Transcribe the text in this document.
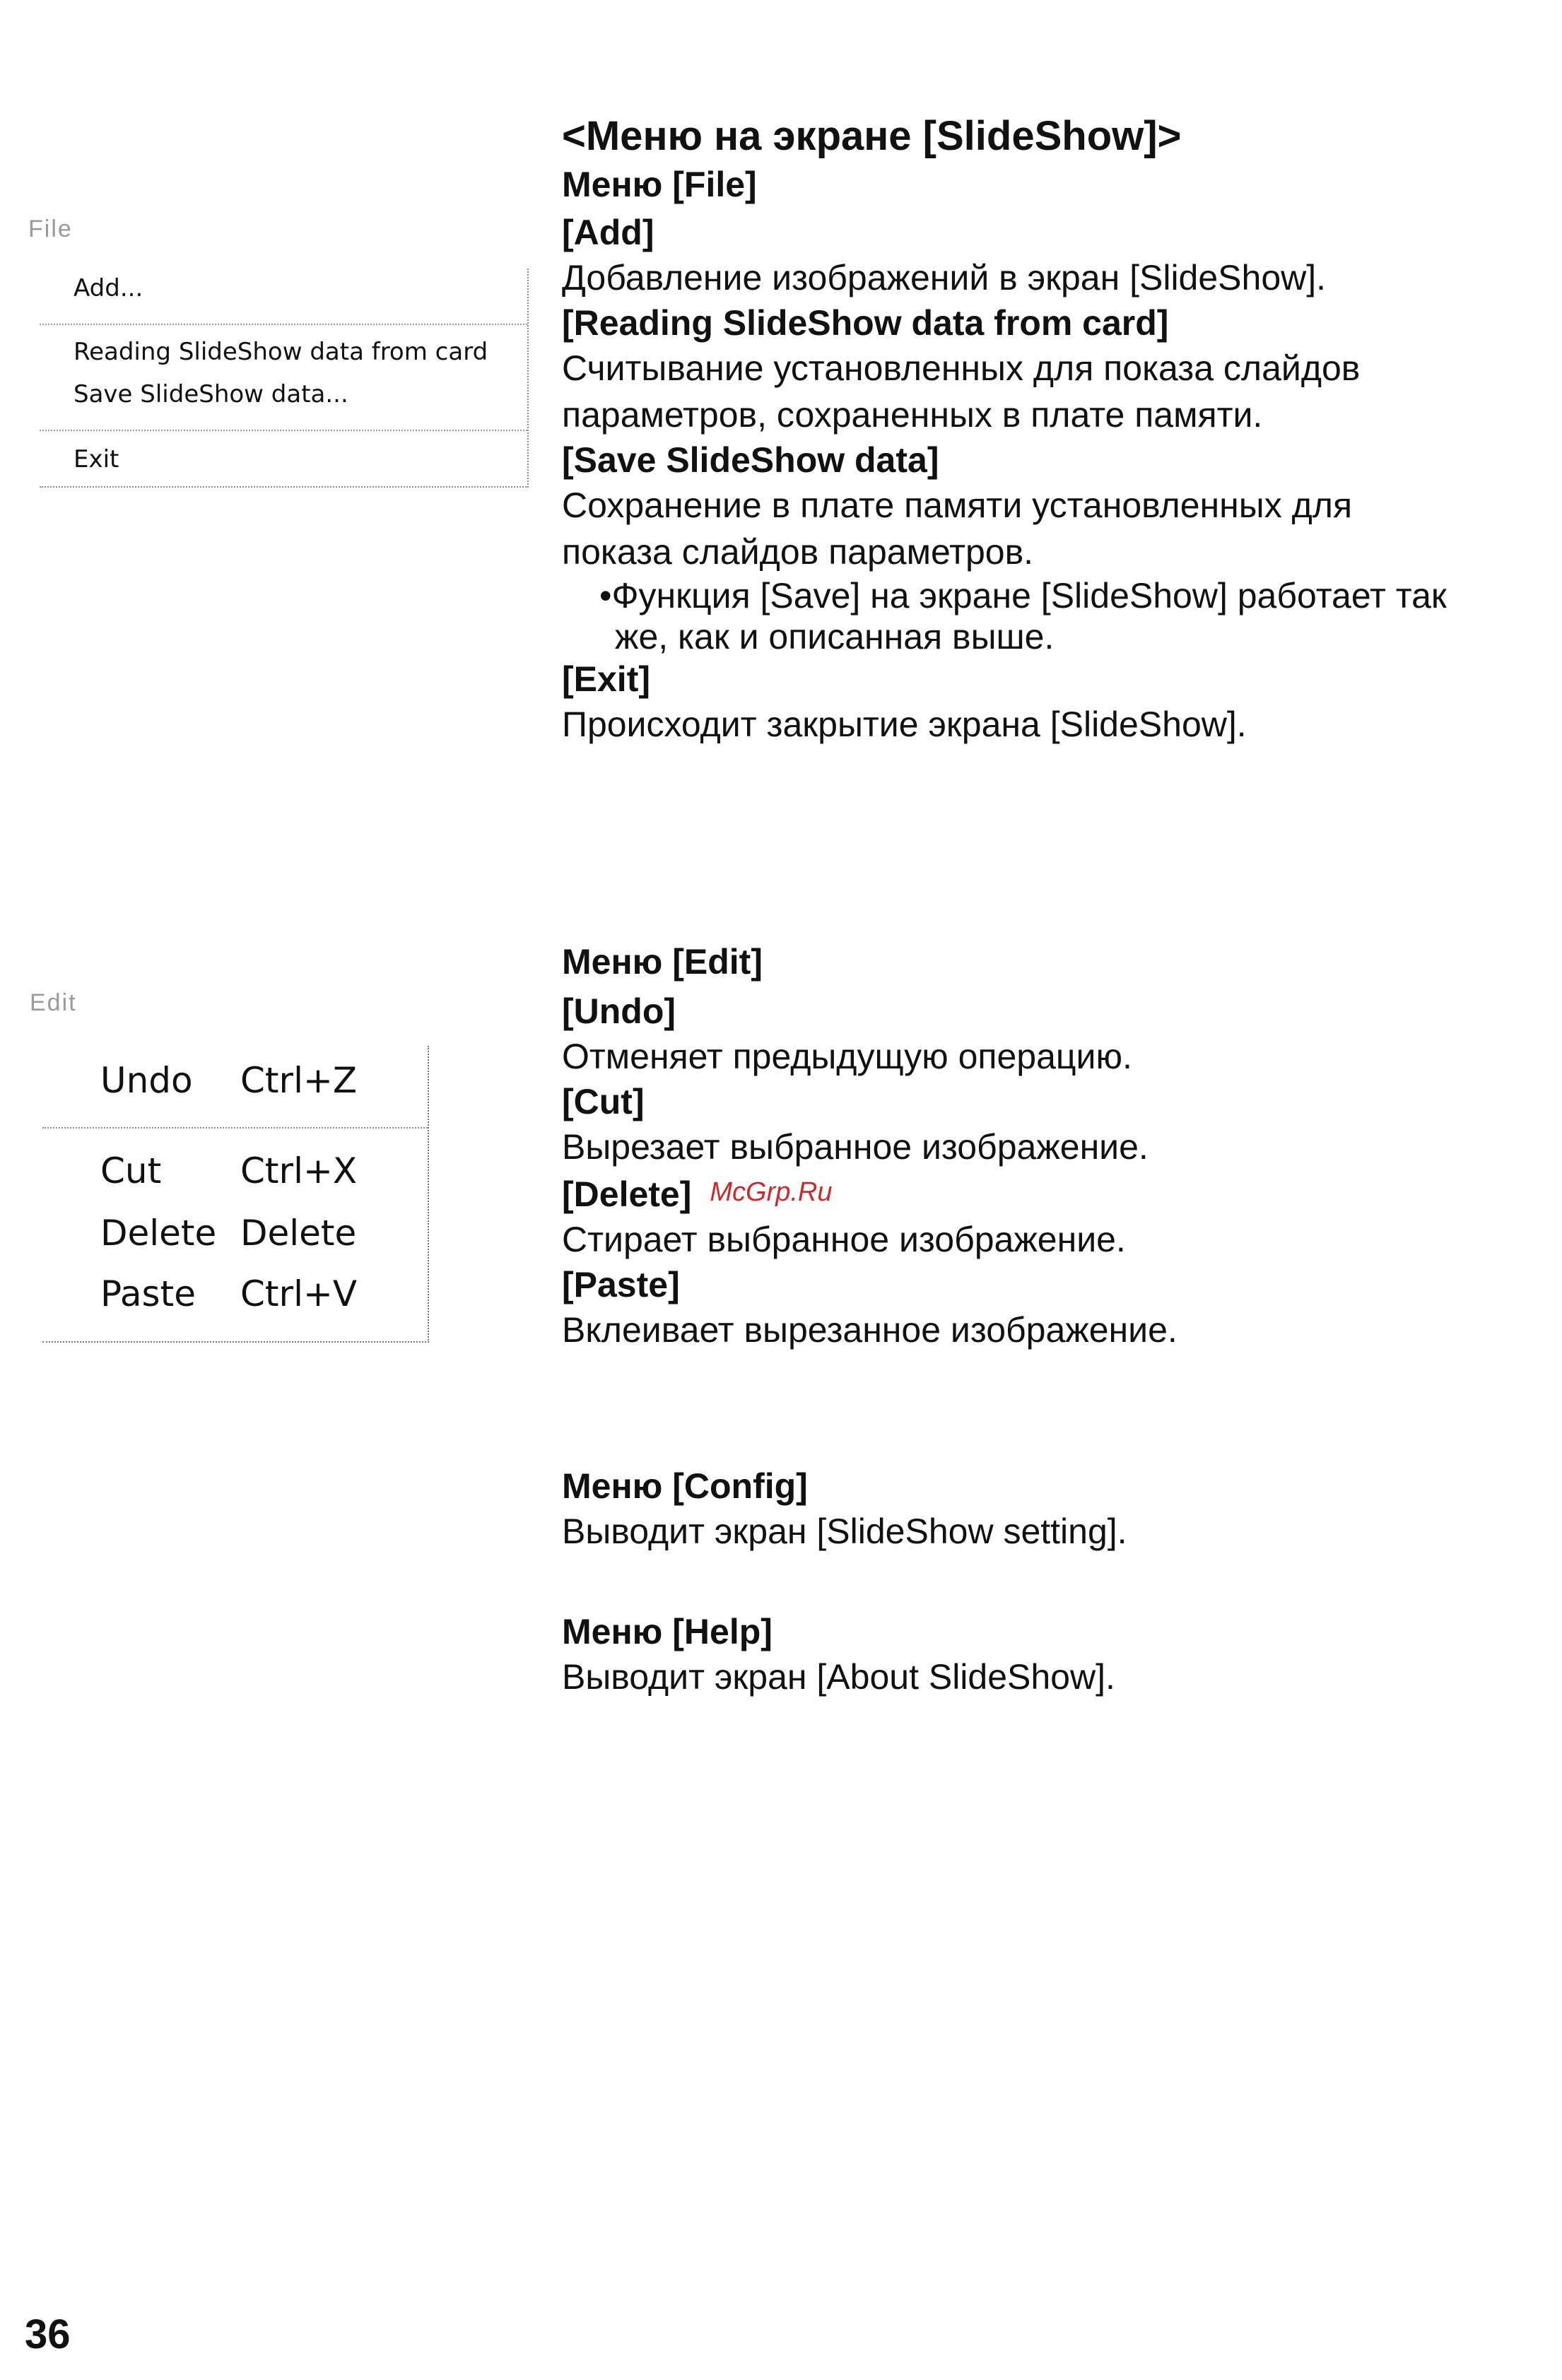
File
Add...
Reading SlideShow data from card
Save SlideShow data...
Exit
Edit
Undo Ctrl+Z
Cut Ctrl+X
Delete Delete
Paste Ctrl+V

<Меню на экране [SlideShow]>

Меню [File]

[Add]

Добавление изображений в экран [SlideShow].

[Reading SlideShow data from card]

Считывание установленных для показа слайдов

параметров, сохраненных в плате памяти.

[Save SlideShow data]

Сохранение в плате памяти установленных для

показа слайдов параметров.

•Функция [Save] на экране [SlideShow] работает так

же, как и описанная выше.

[Exit]

Происходит закрытие экрана [SlideShow].

Меню [Edit]

[Undo]

Отменяет предыдущую операцию.

[Cut]

Вырезает выбранное изображение.

[Delete] McGrp.Ru

Стирает выбранное изображение.

[Paste]

Вклеивает вырезанное изображение.

Меню [Config]

Выводит экран [SlideShow setting].

Меню [Help]

Выводит экран [About SlideShow].

36
